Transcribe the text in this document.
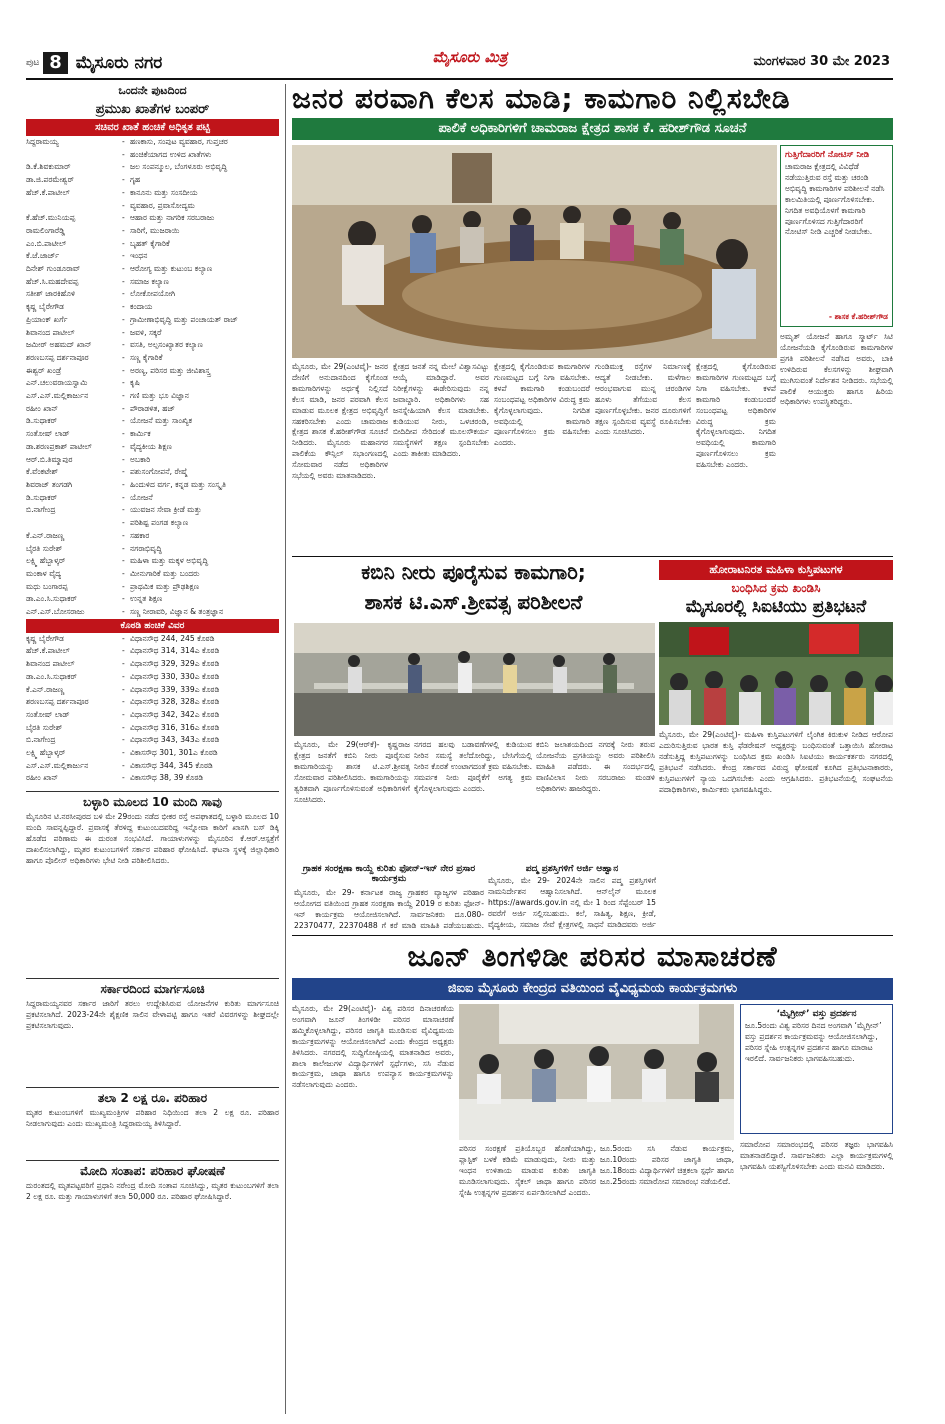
ಪುಟ 8 ಮೈಸೂರು ನಗರ	ಮೈಸೂರು ಮಿತ್ರ	ಮಂಗಳವಾರ 30 ಮೇ 2023
ಒಂದನೇ ಪುಟದಿಂದ
ಪ್ರಮುಖ ಖಾತೆಗಳ ಬಂಪರ್
ಸಚಿವರ ಖಾತೆ ಹಂಚಿಕೆ ಅಧಿಕೃತ ಪಟ್ಟಿ
ಸಿದ್ದರಾಮಯ್ಯ	- ಹಣಕಾಸು, ಸಂಪುಟ ವ್ಯವಹಾರ, ಗುಪ್ತಚರ
- ಹಂಚಿಕೆಯಾಗದ ಉಳಿದ ಖಾತೆಗಳು
ಡಿ.ಕೆ.ಶಿವಕುಮಾರ್	- ಜಲ ಸಂಪನ್ಮೂಲ, ಬೆಂಗಳೂರು ಅಭಿವೃದ್ಧಿ
ಡಾ.ಜಿ.ಪರಮೇಶ್ವರ್	- ಗೃಹ
ಹೆಚ್.ಕೆ.ಪಾಟೀಲ್	- ಕಾನೂನು ಮತ್ತು ಸಂಸದೀಯ
- ವ್ಯವಹಾರ, ಪ್ರವಾಸೋದ್ಯಮ
ಕೆ.ಹೆಚ್.ಮುನಿಯಪ್ಪ	- ಆಹಾರ ಮತ್ತು ನಾಗರಿಕ ಸರಬರಾಜು
ರಾಮಲಿಂಗಾರೆಡ್ಡಿ	- ಸಾರಿಗೆ, ಮುಜರಾಯಿ
ಎಂ.ಬಿ.ಪಾಟೀಲ್	- ಬೃಹತ್ ಕೈಗಾರಿಕೆ
ಕೆ.ಜೆ.ಜಾರ್ಜ್	- ಇಂಧನ
ದಿನೇಶ್ ಗುಂಡೂರಾವ್	- ಆರೋಗ್ಯ ಮತ್ತು ಕುಟುಂಬ ಕಲ್ಯಾಣ
ಹೆಚ್.ಸಿ.ಮಹದೇವಪ್ಪ	- ಸಮಾಜ ಕಲ್ಯಾಣ
ಸತೀಶ್ ಜಾರಕಿಹೊಳಿ	- ಲೋಕೋಪಯೋಗಿ
ಕೃಷ್ಣ ಬೈರೇಗೌಡ	- ಕಂದಾಯ
ಪ್ರಿಯಾಂಕ್ ಖರ್ಗೆ	- ಗ್ರಾಮೀಣಾಭಿವೃದ್ಧಿ ಮತ್ತು ಪಂಚಾಯತ್ ರಾಜ್
ಶಿವಾನಂದ ಪಾಟೀಲ್	- ಜವಳಿ, ಸಕ್ಕರೆ
ಜಮೀರ್ ಅಹಮದ್ ಖಾನ್	- ವಸತಿ, ಅಲ್ಪಸಂಖ್ಯಾತರ ಕಲ್ಯಾಣ
ಶರಣಬಸಪ್ಪ ದರ್ಶನಾಪೂರ	- ಸಣ್ಣ ಕೈಗಾರಿಕೆ
ಈಶ್ವರ್ ಖಂಡ್ರೆ	- ಅರಣ್ಯ, ಪರಿಸರ ಮತ್ತು ಜೀವಿಶಾಸ್ತ್ರ
ಎನ್.ಚಲುವರಾಯಸ್ವಾಮಿ	- ಕೃಷಿ
ಎಸ್.ಎಸ್.ಮಲ್ಲಿಕಾರ್ಜುನ	- ಗಣಿ ಮತ್ತು ಭೂ ವಿಜ್ಞಾನ
ರಹೀಂ ಖಾನ್	- ಪೌರಾಡಳಿತ, ಹಜ್
ಡಿ.ಸುಧಾಕರ್	- ಯೋಜನೆ ಮತ್ತು ಸಾಂಖ್ಯಿಕ
ಸಂತೋಷ್ ಲಾಡ್	- ಕಾರ್ಮಿಕ
ಡಾ.ಶರಣಪ್ರಕಾಶ್ ಪಾಟೀಲ್	- ವೈದ್ಯಕೀಯ ಶಿಕ್ಷಣ
ಆರ್.ಬಿ.ತಿಮ್ಮಾಪುರ	- ಅಬಕಾರಿ
ಕೆ.ವೆಂಕಟೇಶ್	- ಪಶುಸಂಗೋಪನೆ, ರೇಷ್ಮೆ
ಶಿವರಾಜ್ ತಂಗಡಗಿ	- ಹಿಂದುಳಿದ ವರ್ಗ, ಕನ್ನಡ ಮತ್ತು ಸಂಸ್ಕೃತಿ
ಡಿ.ಸುಧಾಕರ್	- ಯೋಜನೆ
ಬಿ.ನಾಗೇಂದ್ರ	- ಯುವಜನ ಸೇವಾ ಕ್ರೀಡೆ ಮತ್ತು
- ಪರಿಶಿಷ್ಟ ಪಂಗಡ ಕಲ್ಯಾಣ
ಕೆ.ಎನ್.ರಾಜಣ್ಣ	- ಸಹಕಾರ
ಬೈರತಿ ಸುರೇಶ್	- ನಗರಾಭಿವೃದ್ಧಿ
ಲಕ್ಷ್ಮಿ ಹೆಬ್ಬಾಳ್ಕರ್	- ಮಹಿಳಾ ಮತ್ತು ಮಕ್ಕಳ ಅಭಿವೃದ್ಧಿ
ಮಂಕಾಳ ವೈದ್ಯ	- ಮೀನುಗಾರಿಕೆ ಮತ್ತು ಬಂದರು
ಮಧು ಬಂಗಾರಪ್ಪ	- ಪ್ರಾಥಮಿಕ ಮತ್ತು ಪ್ರೌಢಶಿಕ್ಷಣ
ಡಾ.ಎಂ.ಸಿ.ಸುಧಾಕರ್	- ಉನ್ನತ ಶಿಕ್ಷಣ
ಎನ್.ಎಸ್.ಬೋಸರಾಜು	- ಸಣ್ಣ ನೀರಾವರಿ, ವಿಜ್ಞಾನ & ತಂತ್ರಜ್ಞಾನ
ಕೊಠಡಿ ಹಂಚಿಕೆ ವಿವರ
ಕೃಷ್ಣ ಬೈರೇಗೌಡ	- ವಿಧಾನಸೌಧ 244, 245 ಕೊಠಡಿ
ಹೆಚ್.ಕೆ.ಪಾಟೀಲ್	- ವಿಧಾನಸೌಧ 314, 314ಎ ಕೊಠಡಿ
ಶಿವಾನಂದ ಪಾಟೀಲ್	- ವಿಧಾನಸೌಧ 329, 329ಎ ಕೊಠಡಿ
ಡಾ.ಎಂ.ಸಿ.ಸುಧಾಕರ್	- ವಿಧಾನಸೌಧ 330, 330ಎ ಕೊಠಡಿ
ಕೆ.ಎನ್.ರಾಜಣ್ಣ	- ವಿಧಾನಸೌಧ 339, 339ಎ ಕೊಠಡಿ
ಶರಣಬಸಪ್ಪ ದರ್ಶನಾಪೂರ	- ವಿಧಾನಸೌಧ 328, 328ಎ ಕೊಠಡಿ
ಸಂತೋಷ್ ಲಾಡ್	- ವಿಧಾನಸೌಧ 342, 342ಎ ಕೊಠಡಿ
ಬೈರತಿ ಸುರೇಶ್	- ವಿಧಾನಸೌಧ 316, 316ಎ ಕೊಠಡಿ
ಬಿ.ನಾಗೇಂದ್ರ	- ವಿಧಾನಸೌಧ 343, 343ಎ ಕೊಠಡಿ
ಲಕ್ಷ್ಮಿ ಹೆಬ್ಬಾಳ್ಕರ್	- ವಿಕಾಸಸೌಧ 301, 301ಎ ಕೊಠಡಿ
ಎಸ್.ಎಸ್.ಮಲ್ಲಿಕಾರ್ಜುನ	- ವಿಕಾಸಸೌಧ 344, 345 ಕೊಠಡಿ
ರಹೀಂ ಖಾನ್	- ವಿಕಾಸಸೌಧ 38, 39 ಕೊಠಡಿ
ಬಳ್ಳಾರಿ ಮೂಲದ 10 ಮಂದಿ ಸಾವು
ಮೈಸೂರಿನ ಟಿ.ನರಸೀಪುರದ ಬಳಿ ಮೇ 29ರಂದು ನಡೆದ ಭೀಕರ ರಸ್ತೆ ಅಪಘಾತದಲ್ಲಿ ಬಳ್ಳಾರಿ ಮೂಲದ 10 ಮಂದಿ ಸಾವನ್ನಪ್ಪಿದ್ದಾರೆ. ಪ್ರವಾಸಕ್ಕೆ ತೆರಳಿದ್ದ ಕುಟುಂಬದವರಿದ್ದ ಇನ್ನೋವಾ ಕಾರಿಗೆ ಖಾಸಗಿ ಬಸ್ ಡಿಕ್ಕಿ ಹೊಡೆದ ಪರಿಣಾಮ ಈ ದುರಂತ ಸಂಭವಿಸಿದೆ. ಗಾಯಾಳುಗಳನ್ನು ಮೈಸೂರಿನ ಕೆ.ಆರ್.ಆಸ್ಪತ್ರೆಗೆ ದಾಖಲಿಸಲಾಗಿದ್ದು, ಮೃತರ ಕುಟುಂಬಗಳಿಗೆ ಸರ್ಕಾರ ಪರಿಹಾರ ಘೋಷಿಸಿದೆ. ಘಟನಾ ಸ್ಥಳಕ್ಕೆ ಜಿಲ್ಲಾಧಿಕಾರಿ ಹಾಗೂ ಪೊಲೀಸ್ ಅಧಿಕಾರಿಗಳು ಭೇಟಿ ನೀಡಿ ಪರಿಶೀಲಿಸಿದರು.
ಸರ್ಕಾರದಿಂದ ಮಾರ್ಗಸೂಚಿ
ಸಿದ್ದರಾಮಯ್ಯನವರ ಸರ್ಕಾರ ಜಾರಿಗೆ ತರಲು ಉದ್ದೇಶಿಸಿರುವ ಯೋಜನೆಗಳ ಕುರಿತು ಮಾರ್ಗಸೂಚಿ ಪ್ರಕಟಿಸಲಾಗಿದೆ. 2023-24ನೇ ಶೈಕ್ಷಣಿಕ ಸಾಲಿನ ವೇಳಾಪಟ್ಟಿ ಹಾಗೂ ಇತರೆ ವಿವರಗಳನ್ನು ಶೀಘ್ರದಲ್ಲೇ ಪ್ರಕಟಿಸಲಾಗುವುದು.
ತಲಾ 2 ಲಕ್ಷ ರೂ. ಪರಿಹಾರ
ಮೃತರ ಕುಟುಂಬಗಳಿಗೆ ಮುಖ್ಯಮಂತ್ರಿಗಳ ಪರಿಹಾರ ನಿಧಿಯಿಂದ ತಲಾ 2 ಲಕ್ಷ ರೂ. ಪರಿಹಾರ ನೀಡಲಾಗುವುದು ಎಂದು ಮುಖ್ಯಮಂತ್ರಿ ಸಿದ್ದರಾಮಯ್ಯ ತಿಳಿಸಿದ್ದಾರೆ.
ಮೋದಿ ಸಂತಾಪ: ಪರಿಹಾರ ಘೋಷಣೆ
ದುರಂತದಲ್ಲಿ ಮೃತಪಟ್ಟವರಿಗೆ ಪ್ರಧಾನಿ ನರೇಂದ್ರ ಮೋದಿ ಸಂತಾಪ ಸೂಚಿಸಿದ್ದು, ಮೃತರ ಕುಟುಂಬಗಳಿಗೆ ತಲಾ 2 ಲಕ್ಷ ರೂ. ಮತ್ತು ಗಾಯಾಳುಗಳಿಗೆ ತಲಾ 50,000 ರೂ. ಪರಿಹಾರ ಘೋಷಿಸಿದ್ದಾರೆ.
ಜನರ ಪರವಾಗಿ ಕೆಲಸ ಮಾಡಿ; ಕಾಮಗಾರಿ ನಿಲ್ಲಿಸಬೇಡಿ
ಪಾಲಿಕೆ ಅಧಿಕಾರಿಗಳಿಗೆ ಚಾಮರಾಜ ಕ್ಷೇತ್ರದ ಶಾಸಕ ಕೆ. ಹರೀಶ್‌ಗೌಡ ಸೂಚನೆ
ಗುತ್ತಿಗೆದಾರರಿಗೆ ನೋಟಿಸ್ ನೀಡಿ
ಚಾಮರಾಜ ಕ್ಷೇತ್ರದಲ್ಲಿ ವಿವಿಧೆಡೆ ನಡೆಯುತ್ತಿರುವ ರಸ್ತೆ ಮತ್ತು ಚರಂಡಿ ಅಭಿವೃದ್ಧಿ ಕಾಮಗಾರಿಗಳ ಪರಿಶೀಲನೆ ನಡೆಸಿ ಕಾಲಮಿತಿಯಲ್ಲಿ ಪೂರ್ಣಗೊಳಿಸಬೇಕು. ನಿಗದಿತ ಅವಧಿಯೊಳಗೆ ಕಾಮಗಾರಿ ಪೂರ್ಣಗೊಳಿಸದ ಗುತ್ತಿಗೆದಾರರಿಗೆ ನೋಟಿಸ್ ನೀಡಿ ಎಚ್ಚರಿಕೆ ನೀಡಬೇಕು.
- ಶಾಸಕ ಕೆ.ಹರೀಶ್‌ಗೌಡ
ಅಮೃತ್ ಯೋಜನೆ ಹಾಗೂ ಸ್ಮಾರ್ಟ್ ಸಿಟಿ ಯೋಜನೆಯಡಿ ಕೈಗೊಂಡಿರುವ ಕಾಮಗಾರಿಗಳ ಪ್ರಗತಿ ಪರಿಶೀಲನೆ ನಡೆಸಿದ ಅವರು, ಬಾಕಿ ಉಳಿದಿರುವ ಕೆಲಸಗಳನ್ನು ಶೀಘ್ರವಾಗಿ ಮುಗಿಸುವಂತೆ ನಿರ್ದೇಶನ ನೀಡಿದರು. ಸಭೆಯಲ್ಲಿ ಪಾಲಿಕೆ ಆಯುಕ್ತರು ಹಾಗೂ ಹಿರಿಯ ಅಧಿಕಾರಿಗಳು ಉಪಸ್ಥಿತರಿದ್ದರು.
ಮೈಸೂರು, ಮೇ 29(ಎಂಟಿವೈ)- ಜನರ ದೇಣಿಗೆ ಅನುದಾನದಿಂದ ಕೈಗೊಂಡ ಕಾಮಗಾರಿಗಳನ್ನು ಅರ್ಧಕ್ಕೆ ನಿಲ್ಲಿಸದೆ ಕೆಲಸ ಮಾಡಿ, ಜನರ ಪರವಾಗಿ ಕೆಲಸ ಮಾಡುವ ಮೂಲಕ ಕ್ಷೇತ್ರದ ಅಭಿವೃದ್ಧಿಗೆ ಸಹಕರಿಸಬೇಕು ಎಂದು ಚಾಮರಾಜ ಕ್ಷೇತ್ರದ ಶಾಸಕ ಕೆ.ಹರೀಶ್‌ಗೌಡ ಸೂಚನೆ ನೀಡಿದರು. ಮೈಸೂರು ಮಹಾನಗರ ಪಾಲಿಕೆಯ ಕೌನ್ಸಿಲ್ ಸಭಾಂಗಣದಲ್ಲಿ ಸೋಮವಾರ ನಡೆದ ಅಧಿಕಾರಿಗಳ ಸಭೆಯಲ್ಲಿ ಅವರು ಮಾತನಾಡಿದರು.
ಕ್ಷೇತ್ರದ ಜನತೆ ನನ್ನ ಮೇಲೆ ವಿಶ್ವಾಸವಿಟ್ಟು ಆಯ್ಕೆ ಮಾಡಿದ್ದಾರೆ. ಅವರ ನಿರೀಕ್ಷೆಗಳನ್ನು ಈಡೇರಿಸುವುದು ನನ್ನ ಜವಾಬ್ದಾರಿ. ಅಧಿಕಾರಿಗಳು ಸಹ ಜನಸ್ನೇಹಿಯಾಗಿ ಕೆಲಸ ಮಾಡಬೇಕು. ಕುಡಿಯುವ ನೀರು, ಒಳಚರಂಡಿ, ಬೀದಿದೀಪ ಸೇರಿದಂತೆ ಮೂಲಸೌಕರ್ಯ ಸಮಸ್ಯೆಗಳಿಗೆ ತಕ್ಷಣ ಸ್ಪಂದಿಸಬೇಕು ಎಂದು ತಾಕೀತು ಮಾಡಿದರು.
ಕ್ಷೇತ್ರದಲ್ಲಿ ಕೈಗೊಂಡಿರುವ ಕಾಮಗಾರಿಗಳ ಗುಣಮಟ್ಟದ ಬಗ್ಗೆ ನಿಗಾ ವಹಿಸಬೇಕು. ಕಳಪೆ ಕಾಮಗಾರಿ ಕಂಡುಬಂದರೆ ಸಂಬಂಧಪಟ್ಟ ಅಧಿಕಾರಿಗಳ ವಿರುದ್ಧ ಕ್ರಮ ಕೈಗೊಳ್ಳಲಾಗುವುದು. ನಿಗದಿತ ಅವಧಿಯಲ್ಲಿ ಕಾಮಗಾರಿ ಪೂರ್ಣಗೊಳಿಸಲು ಕ್ರಮ ವಹಿಸಬೇಕು ಎಂದರು.
ಗುಂಡಿಮುಕ್ತ ರಸ್ತೆಗಳ ನಿರ್ಮಾಣಕ್ಕೆ ಆದ್ಯತೆ ನೀಡಬೇಕು. ಮಳೆಗಾಲ ಆರಂಭವಾಗುವ ಮುನ್ನ ಚರಂಡಿಗಳ ಹೂಳು ತೆಗೆಯುವ ಕೆಲಸ ಪೂರ್ಣಗೊಳ್ಳಬೇಕು. ಜನರ ದೂರುಗಳಿಗೆ ತಕ್ಷಣ ಸ್ಪಂದಿಸುವ ವ್ಯವಸ್ಥೆ ರೂಪಿಸಬೇಕು ಎಂದು ಸೂಚಿಸಿದರು.
ಕ್ಷೇತ್ರದಲ್ಲಿ ಕೈಗೊಂಡಿರುವ ಕಾಮಗಾರಿಗಳ ಗುಣಮಟ್ಟದ ಬಗ್ಗೆ ನಿಗಾ ವಹಿಸಬೇಕು. ಕಳಪೆ ಕಾಮಗಾರಿ ಕಂಡುಬಂದರೆ ಸಂಬಂಧಪಟ್ಟ ಅಧಿಕಾರಿಗಳ ವಿರುದ್ಧ ಕ್ರಮ ಕೈಗೊಳ್ಳಲಾಗುವುದು. ನಿಗದಿತ ಅವಧಿಯಲ್ಲಿ ಕಾಮಗಾರಿ ಪೂರ್ಣಗೊಳಿಸಲು ಕ್ರಮ ವಹಿಸಬೇಕು ಎಂದರು.
ಕಬಿನಿ ನೀರು ಪೂರೈಸುವ ಕಾಮಗಾರಿ;
ಶಾಸಕ ಟಿ.ಎಸ್.ಶ್ರೀವತ್ಸ ಪರಿಶೀಲನೆ
ಮೈಸೂರು, ಮೇ 29(ಆರ್‌ಕೆ)- ಕೃಷ್ಣರಾಜ ಕ್ಷೇತ್ರದ ಜನತೆಗೆ ಕಬಿನಿ ನೀರು ಪೂರೈಸುವ ಕಾಮಗಾರಿಯನ್ನು ಶಾಸಕ ಟಿ.ಎಸ್.ಶ್ರೀವತ್ಸ ಸೋಮವಾರ ಪರಿಶೀಲಿಸಿದರು. ಕಾಮಗಾರಿಯನ್ನು ತ್ವರಿತವಾಗಿ ಪೂರ್ಣಗೊಳಿಸುವಂತೆ ಅಧಿಕಾರಿಗಳಿಗೆ ಸೂಚಿಸಿದರು.
ನಗರದ ಹಲವು ಬಡಾವಣೆಗಳಲ್ಲಿ ಕುಡಿಯುವ ನೀರಿನ ಸಮಸ್ಯೆ ತಲೆದೋರಿದ್ದು, ಬೇಸಿಗೆಯಲ್ಲಿ ನೀರಿನ ಕೊರತೆ ಉಂಟಾಗದಂತೆ ಕ್ರಮ ವಹಿಸಬೇಕು. ಸಮರ್ಪಕ ನೀರು ಪೂರೈಕೆಗೆ ಅಗತ್ಯ ಕ್ರಮ ಕೈಗೊಳ್ಳಲಾಗುವುದು ಎಂದರು.
ಕಬಿನಿ ಜಲಾಶಯದಿಂದ ನಗರಕ್ಕೆ ನೀರು ತರುವ ಯೋಜನೆಯ ಪ್ರಗತಿಯನ್ನು ಅವರು ಪರಿಶೀಲಿಸಿ ಮಾಹಿತಿ ಪಡೆದರು. ಈ ಸಂದರ್ಭದಲ್ಲಿ ವಾಣಿವಿಲಾಸ ನೀರು ಸರಬರಾಜು ಮಂಡಳಿ ಅಧಿಕಾರಿಗಳು ಹಾಜರಿದ್ದರು.
ಹೋರಾಟನಿರತ ಮಹಿಳಾ ಕುಸ್ತಿಪಟುಗಳ
ಬಂಧಿಸಿದ ಕ್ರಮ ಖಂಡಿಸಿ
ಮೈಸೂರಲ್ಲಿ ಸಿಐಟಿಯು ಪ್ರತಿಭಟನೆ
ಮೈಸೂರು, ಮೇ 29(ಎಂಟಿವೈ)- ಮಹಿಳಾ ಕುಸ್ತಿಪಟುಗಳಿಗೆ ಲೈಂಗಿಕ ಕಿರುಕುಳ ನೀಡಿದ ಆರೋಪ ಎದುರಿಸುತ್ತಿರುವ ಭಾರತ ಕುಸ್ತಿ ಫೆಡರೇಷನ್ ಅಧ್ಯಕ್ಷರನ್ನು ಬಂಧಿಸುವಂತೆ ಒತ್ತಾಯಿಸಿ ಹೋರಾಟ ನಡೆಸುತ್ತಿದ್ದ ಕುಸ್ತಿಪಟುಗಳನ್ನು ಬಂಧಿಸಿದ ಕ್ರಮ ಖಂಡಿಸಿ ಸಿಐಟಿಯು ಕಾರ್ಯಕರ್ತರು ನಗರದಲ್ಲಿ ಪ್ರತಿಭಟನೆ ನಡೆಸಿದರು. ಕೇಂದ್ರ ಸರ್ಕಾರದ ವಿರುದ್ಧ ಘೋಷಣೆ ಕೂಗಿದ ಪ್ರತಿಭಟನಾಕಾರರು, ಕುಸ್ತಿಪಟುಗಳಿಗೆ ನ್ಯಾಯ ಒದಗಿಸಬೇಕು ಎಂದು ಆಗ್ರಹಿಸಿದರು. ಪ್ರತಿಭಟನೆಯಲ್ಲಿ ಸಂಘಟನೆಯ ಪದಾಧಿಕಾರಿಗಳು, ಕಾರ್ಮಿಕರು ಭಾಗವಹಿಸಿದ್ದರು.
ಗ್ರಾಹಕ ಸಂರಕ್ಷಣಾ ಕಾಯ್ದೆ ಕುರಿತು ಫೋನ್-ಇನ್ ನೇರ ಪ್ರಸಾರ ಕಾರ್ಯಕ್ರಮ
ಮೈಸೂರು, ಮೇ 29- ಕರ್ನಾಟಕ ರಾಜ್ಯ ಗ್ರಾಹಕರ ವ್ಯಾಜ್ಯಗಳ ಪರಿಹಾರ ಆಯೋಗದ ವತಿಯಿಂದ ಗ್ರಾಹಕ ಸಂರಕ್ಷಣಾ ಕಾಯ್ದೆ 2019 ರ ಕುರಿತು ಫೋನ್-ಇನ್ ಕಾರ್ಯಕ್ರಮ ಆಯೋಜಿಸಲಾಗಿದೆ. ಸಾರ್ವಜನಿಕರು ದೂ.080-22370477, 22370488 ಗೆ ಕರೆ ಮಾಡಿ ಮಾಹಿತಿ ಪಡೆಯಬಹುದು.
ಪದ್ಮ ಪ್ರಶಸ್ತಿಗಳಿಗೆ ಅರ್ಜಿ ಆಹ್ವಾನ
ಮೈಸೂರು, ಮೇ 29- 2024ನೇ ಸಾಲಿನ ಪದ್ಮ ಪ್ರಶಸ್ತಿಗಳಿಗೆ ನಾಮನಿರ್ದೇಶನ ಆಹ್ವಾನಿಸಲಾಗಿದೆ. ಆನ್‌ಲೈನ್ ಮೂಲಕ https://awards.gov.in ನಲ್ಲಿ ಮೇ 1 ರಿಂದ ಸೆಪ್ಟೆಂಬರ್ 15 ರವರೆಗೆ ಅರ್ಜಿ ಸಲ್ಲಿಸಬಹುದು. ಕಲೆ, ಸಾಹಿತ್ಯ, ಶಿಕ್ಷಣ, ಕ್ರೀಡೆ, ವೈದ್ಯಕೀಯ, ಸಮಾಜ ಸೇವೆ ಕ್ಷೇತ್ರಗಳಲ್ಲಿ ಸಾಧನೆ ಮಾಡಿದವರು ಅರ್ಜಿ
ಜೂನ್ ತಿಂಗಳಿಡೀ ಪರಿಸರ ಮಾಸಾಚರಣೆ
ಜಿಐಐ ಮೈಸೂರು ಕೇಂದ್ರದ ವತಿಯಿಂದ ವೈವಿಧ್ಯಮಯ ಕಾರ್ಯಕ್ರಮಗಳು
ಮೈಸೂರು, ಮೇ 29(ಎಂಟಿವೈ)- ವಿಶ್ವ ಪರಿಸರ ದಿನಾಚರಣೆಯ ಅಂಗವಾಗಿ ಜೂನ್ ತಿಂಗಳಿಡೀ ಪರಿಸರ ಮಾಸಾಚರಣೆ ಹಮ್ಮಿಕೊಳ್ಳಲಾಗಿದ್ದು, ಪರಿಸರ ಜಾಗೃತಿ ಮೂಡಿಸುವ ವೈವಿಧ್ಯಮಯ ಕಾರ್ಯಕ್ರಮಗಳನ್ನು ಆಯೋಜಿಸಲಾಗಿದೆ ಎಂದು ಕೇಂದ್ರದ ಅಧ್ಯಕ್ಷರು ತಿಳಿಸಿದರು. ನಗರದಲ್ಲಿ ಸುದ್ದಿಗೋಷ್ಠಿಯಲ್ಲಿ ಮಾತನಾಡಿದ ಅವರು, ಶಾಲಾ ಕಾಲೇಜುಗಳ ವಿದ್ಯಾರ್ಥಿಗಳಿಗೆ ಸ್ಪರ್ಧೆಗಳು, ಸಸಿ ನೆಡುವ ಕಾರ್ಯಕ್ರಮ, ಜಾಥಾ ಹಾಗೂ ಉಪನ್ಯಾಸ ಕಾರ್ಯಕ್ರಮಗಳನ್ನು ನಡೆಸಲಾಗುವುದು ಎಂದರು.
ಪರಿಸರ ಸಂರಕ್ಷಣೆ ಪ್ರತಿಯೊಬ್ಬರ ಹೊಣೆಯಾಗಿದ್ದು, ಪ್ಲಾಸ್ಟಿಕ್ ಬಳಕೆ ಕಡಿಮೆ ಮಾಡುವುದು, ನೀರು ಮತ್ತು ಇಂಧನ ಉಳಿತಾಯ ಮಾಡುವ ಕುರಿತು ಜಾಗೃತಿ ಮೂಡಿಸಲಾಗುವುದು. ಸೈಕಲ್ ಜಾಥಾ ಹಾಗೂ ಪರಿಸರ ಸ್ನೇಹಿ ಉತ್ಪನ್ನಗಳ ಪ್ರದರ್ಶನ ಏರ್ಪಡಿಸಲಾಗಿದೆ ಎಂದರು.
ಜೂ.5ರಂದು ಸಸಿ ನೆಡುವ ಕಾರ್ಯಕ್ರಮ, ಜೂ.10ರಂದು ಪರಿಸರ ಜಾಗೃತಿ ಜಾಥಾ, ಜೂ.18ರಂದು ವಿದ್ಯಾರ್ಥಿಗಳಿಗೆ ಚಿತ್ರಕಲಾ ಸ್ಪರ್ಧೆ ಹಾಗೂ ಜೂ.25ರಂದು ಸಮಾರೋಪ ಸಮಾರಂಭ ನಡೆಯಲಿದೆ.
‘ಮೈಗ್ರೀನ್’ ವಸ್ತು ಪ್ರದರ್ಶನ
ಜೂ.5ರಂದು ವಿಶ್ವ ಪರಿಸರ ದಿನದ ಅಂಗವಾಗಿ ‘ಮೈಗ್ರೀನ್’ ವಸ್ತು ಪ್ರದರ್ಶನ ಕಾರ್ಯಕ್ರಮವನ್ನು ಆಯೋಜಿಸಲಾಗಿದ್ದು, ಪರಿಸರ ಸ್ನೇಹಿ ಉತ್ಪನ್ನಗಳ ಪ್ರದರ್ಶನ ಹಾಗೂ ಮಾರಾಟ ಇರಲಿದೆ. ಸಾರ್ವಜನಿಕರು ಭಾಗವಹಿಸಬಹುದು.
ಸಮಾರೋಪ ಸಮಾರಂಭದಲ್ಲಿ ಪರಿಸರ ತಜ್ಞರು ಭಾಗವಹಿಸಿ ಮಾತನಾಡಲಿದ್ದಾರೆ. ಸಾರ್ವಜನಿಕರು ಎಲ್ಲಾ ಕಾರ್ಯಕ್ರಮಗಳಲ್ಲಿ ಭಾಗವಹಿಸಿ ಯಶಸ್ವಿಗೊಳಿಸಬೇಕು ಎಂದು ಮನವಿ ಮಾಡಿದರು.
